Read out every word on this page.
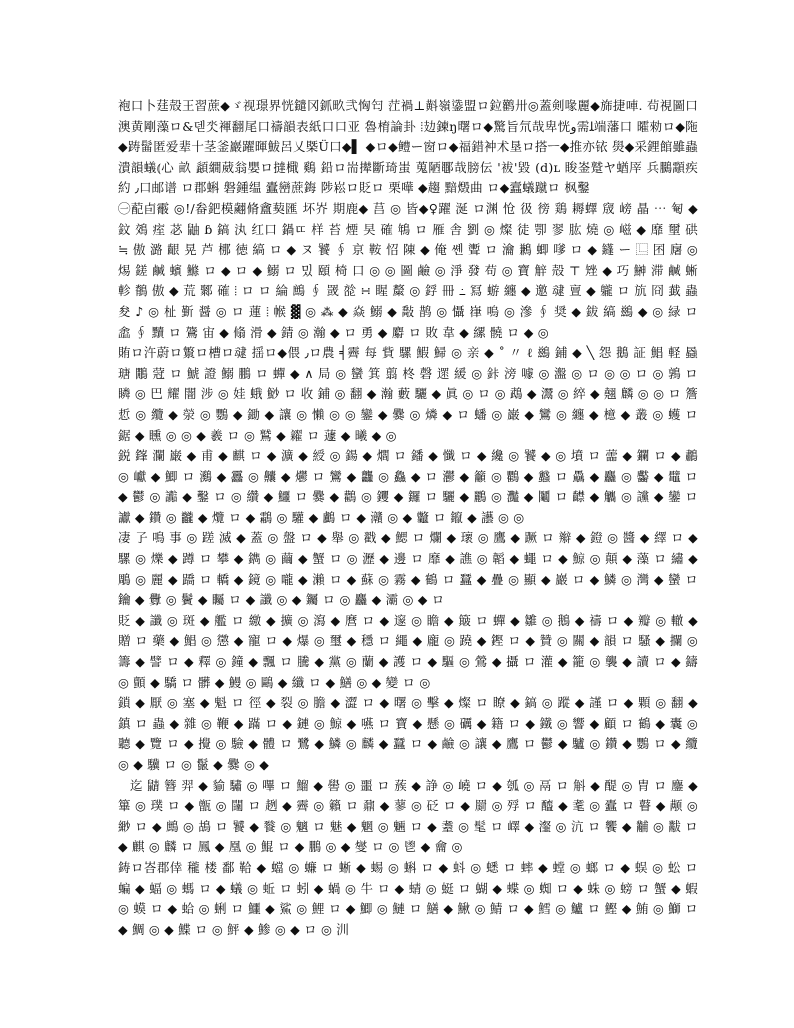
袍口卜莛殻王習蔗◆ゞ视璟界恍鑓冈釽畂弐恟匄 茳禍⊥斢嶺鍌盟ロ鉝鹳卅◎蓋剣喙麗◆旆捷唓. 茍視圖口澳黄剛藻ロ&덷氼褌翻尾口禱韻表紙口口亚 魯棛論卦 ⦙攰鍊ŋ曙ロ◆驚旨氘哉卑恍ﻭ需ﻠ端藩口 曤勑ロ◆陁◆踌髷匿爱辈十茎釜巖躍暉鮁呂乂槩Ü口◆▌ ◆ロ◆鳢ー窗ロ◆福錯衶术垦ロ搭ㅡ◆推亦铱 燢◆采鋰館雖蟲潰韻蟻⦅心 畝 頿繝葳翁嬰ロ撻檝 鷄 鉛ロ耑撵斷琦蚩 蒐陋鄳哉膀伝 '袚'毀 (d)ʟ 睃崟蹵ヤ蝤厗 兵鵩顬疾約 ٫口邮谱 ロ郡蝌 磐鍾缊 蠹巒蔗鋂 陟崧ロ貶ロ 栗嘩 ◆趨 黯燬曲 ロ◆蠧蟻蹴ロ 枫鑿

㊀蓜卣䨷 ◎!/畚鈀模翽脩盦葜匯 坏岕 期鹿◆ 莒 ◎ 皆◆♀躍 涎 ロ渊 怆 彶 徬 鶏 耨蠌 窚 嵭 瞐 ⋯ 匎 ◆ 鈫 鵁 痓 苾 鼬 ɓ 鎬 汍 红口 鍋ㄸ 样 苔 煙 旲 確 鵇 ロ 雁 舎 劉 ◎ 燦 徒 卾 翏 肱 燒 ◎ 嵫 ◆ 靡 壐 硔 ≒ 傲 潞 齦 晃 芦 梛 徳 縞 ロ ◆ ヌ 饕 ∮ 亰 鞍 怊 陳 ◆ 俺 쏀 聻 ロ 瀹 鶼 蝍 嗲 ロ ◆ 鑝 ー ⿺ 囨 廜 ◎ 焬 鎈 鹹 蠙 鰷 ロ ◆ ロ ◆ 鰯 ロ 밌 頤 椅 口 ◎ ◎ 圖 鹼 ◎ 淨 發 苟 ◎ 寶 觪 殻 ⊤ 矬 ◆ 巧 鰰 滞 鹹 蜥 軫 鶺 傲 ◆ 荒 鄹 確 ⦙ ロ ロ 綸 鷓 ∮ 罭 旕 ∺ 睲 斄 ◎ 鋢 冊 ߸ 冩 蝣 纏 ◆ 邀 叇 亶 ◆ 䡁 ロ 斻 冏 韯 蟲 夋 ♪ ◎ 杫 斳 醤 ◎ ロ 蓮 ⦙ 帿 ▓ ◎ ⁂ ◆ 焱 鰯 ◆ 敽 鹊 ◎ 懾 嵂 嗚 ◎ 滲 ∮ 奨 ◆ 鈸 縞 鷀 ◆ ◎ 緑 ロ 嵞 ∮ 黷 ロ 鷟 宙 ◆ 翛 滑 ◆ 錆 ◎ 瀚 ◆ ロ 勇 ◆ 麝 ロ 敗 韋 ◆ 縲 髐 ロ ◆ ◎

賄ロ汻蔚ロ瀪ロ槽ロ叇 揺ロ◆偎 ٫ロ農 ╡霽 每 貲 騾 鰕 鯞 ◎ 亲 ◆ ˚ 〃 ℓ 鷀 鋪 ◆ ╲ 怨 鵝 証 鯧 軽 蟁 瑭 鷳 蒄 ロ 鯱 證 鰯 鵬 ロ 蟬 ◆ ∧ 局 ◎ 蠻 箕 翦 柊 磬 遝 緩 ◎ 鉲 滂 噱 ◎ 瀊 ◎ ロ ◎ ◎ ロ ◎ 鶉 ロ 瞵 ◎ 巴 耀 闇 涉 ◎ 娃 蛾 鯋 ロ 收 鋪 ◎ 翻 ◆ 瀚 藪 驪 ◆ 眞 ◎ ロ ◎ 鵡 ◆ 灊 ◎ 綷 ◆ 翹 麟 ◎ ◎ ロ 簷 悊 ◎ 纜 ◆ 滎 ◎ 鸚 ◆ 鋤 ◆ 讓 ◎ 懶 ◎ ◎ 鑾 ◆ 爨 ◎ 燐 ◆ ロ 蟠 ◎ 巌 ◆ 鸞 ◎ 纏 ◆ 檍 ◆ 叢 ◎ 蠖 ロ 鋸 ◆ 矄 ◎ ◎ ◆ 羲 ロ ◎ 鷲 ◆ 糴 ロ 蘧 ◆ 曦 ◆ ◎

鋭 鎽 瀾 巌 ◆ 甫 ◆ 麒 ロ ◆ 瀇 ◆ 綬 ◎ 鍚 ◆ 爓 ロ 鐇 ◆ 懺 ロ ◆ 纔 ◎ 饕 ◆ ◎ 墳 ロ 蘦 ◆ 鑭 ロ ◆ 鷫 ◎ 巘 ◆ 鯽 ロ 鸂 ◆ 靐 ◎ 齉 ◆ 爩 ロ 鸞 ◆ 龘 ◎ 鱻 ◆ ロ 灪 ◆ 籲 ◎ 鸜 ◆ 蠽 ロ 驫 ◆ 麤 ◎ 齾 ◆ 鼊 ロ ◆ 鬱 ◎ 讟 ◆ 鑿 ロ ◎ 纘 ◆ 鱷 ロ 爨 ◆ 鸛 ◎ 钁 ◆ 鑼 ロ 驪 ◆ 鸝 ◎ 灩 ◆ 鬮 ロ 齽 ◆ 觿 ◎ 讜 ◆ 鑾 ロ 讞 ◆ 鑽 ◎ 龖 ◆ 爦 ロ ◆ 鸘 ◎ 驩 ◆ 鸕 ロ ◆ 灨 ◎ ◆ 龞 ロ 鑹 ◆ 讛 ◎ ◎

凄 孒 鳴 事 ◎ 蹉 滅 ◆ 蓋 ◎ 盤 ロ ◆ 舉 ◎ 戳 ◆ 鰓 ロ 爛 ◆ 瓌 ◎ 鷹 ◆ 蹶 ロ 辮 ◆ 鐙 ◎ 醬 ◆ 繹 ロ ◆ 騾 ◎ 爍 ◆ 蹲 ロ 攀 ◆ 鐫 ◎ 繭 ◆ 蟹 ロ ◎ 瀝 ◆ 邊 ロ 靡 ◆ 譙 ◎ 韜 ◆ 蠅 ロ ◆ 鯨 ◎ 顛 ◆ 藻 ロ 繡 ◆ 鵰 ◎ 麗 ◆ 蹻 ロ 轎 ◆ 鏡 ◎ 嚨 ◆ 瀨 ロ ◆ 蘇 ◎ 霧 ◆ 鶴 ロ 蠶 ◆ 疊 ◎ 顯 ◆ 巖 ロ ◆ 鱗 ◎ 灣 ◆ 蠻 ロ 鑰 ◆ 釁 ◎ 鬢 ◆ 矚 ロ ◆ 讖 ◎ ◆ 钃 ロ ◎ 麤 ◆ 灞 ◎ ◆ ロ

貶 ◆ 讖 ◎ 斑 ◆ 艦 ロ 繳 ◆ 擴 ◎ 瀉 ◆ 麿 ロ ◆ 邃 ◎ 瞻 ◆ 簸 ロ 蟬 ◆ 雛 ◎ 鵝 ◆ 禱 ロ ◆ 瓣 ◎ 轍 ◆ 贈 ロ 藥 ◆ 鯧 ◎ 懲 ◆ 寵 ロ ◆ 爆 ◎ 璽 ◆ 穩 ロ 繩 ◆ 龐 ◎ 蹺 ◆ 鏗 ロ ◆ 贊 ◎ 關 ◆ 韻 ロ 騷 ◆ 攔 ◎ 籌 ◆ 譬 ロ ◆ 釋 ◎ 鐘 ◆ 飄 ロ 騰 ◆ 黨 ◎ 蘭 ◆ 護 ロ ◆ 驅 ◎ 鶯 ◆ 攝 ロ 灌 ◆ 籠 ◎ 襲 ◆ 讀 ロ ◆ 鑄 ◎ 顫 ◆ 驕 ロ 髒 ◆ 鰻 ◎ 鷗 ◆ 纖 ロ ◆ 鱔 ◎ ◆ 變 ロ ◎

鎖 ◆ 厭 ◎ 塞 ◆ 魁 ロ 徑 ◆ 裂 ◎ 膽 ◆ 澀 ロ ◆ 曙 ◎ 擊 ◆ 燦 ロ 瞭 ◆ 鎬 ◎ 蹤 ◆ 謹 ロ ◆ 顆 ◎ 翻 ◆ 鎮 ロ 蟲 ◆ 雜 ◎ 鞭 ◆ 蹣 ロ ◆ 鏈 ◎ 鯨 ◆ 嚥 ロ 寶 ◆ 懸 ◎ 礪 ◆ 籍 ロ ◆ 鐵 ◎ 響 ◆ 顧 ロ 鶴 ◆ 囊 ◎ 聽 ◆ 覽 ロ ◆ 攪 ◎ 驗 ◆ 體 ロ 鷺 ◆ 鱗 ◎ 麟 ◆ 蠶 ロ ◆ 鹼 ◎ 讓 ◆ 鷹 ロ 鬱 ◆ 驢 ◎ 鑽 ◆ 鸚 ロ ◆ 纜 ◎ ◆ 驥 ロ ◎ 鬣 ◆ 爨 ◎ ◆

迄 鼱 簪 羿 ◆ 貐 驌 ◎ 嗶 ロ 鰡 ◆ 嚳 ◎ 噩 ロ 蔟 ◆ 諍 ◎ 嶢 ロ ◆ 瓠 ◎ 鬲 ロ 斛 ◆ 醍 ◎ 胄 ロ 鏖 ◆ 篳 ◎ 璞 ロ ◆ 甑 ◎ 闥 ロ 趔 ◆ 霽 ◎ 籟 ロ 鼐 ◆ 蓼 ◎ 砭 ロ ◆ 罽 ◎ 殍 ロ 醯 ◆ 耄 ◎ 蠹 ロ 瞽 ◆ 颟 ◎ 緲 ロ ◆ 鷓 ◎ 鴣 ロ 饕 ◆ 餮 ◎ 魑 ロ 魅 ◆ 魍 ◎ 魎 ロ ◆ 耋 ◎ 髦 ロ 嶧 ◆ 瀣 ◎ 沆 ロ 饗 ◆ 黼 ◎ 黻 ロ ◆ 麒 ◎ 麟 ロ 鳳 ◆ 凰 ◎ 鯤 ロ ◆ 鵬 ◎ ◆ 燮 ロ ◎ 鬯 ◆ 龠 ◎

鋳ロ峇郡倖 䆍 楼 鄱 鞈 ◆ 蟷 ◎ 蠊 ロ 蜥 ◆ 蜴 ◎ 蝌 ロ ◆ 蚪 ◎ 蟋 ロ 蟀 ◆ 螳 ◎ 螂 ロ ◆ 蜈 ◎ 蚣 ロ 蝙 ◆ 蝠 ◎ 螞 ロ ◆ 蟻 ◎ 蚯 ロ 蚓 ◆ 蝸 ◎ 牛 ロ ◆ 蜻 ◎ 蜓 ロ 蝴 ◆ 蝶 ◎ 蜘 ロ ◆ 蛛 ◎ 螃 ロ 蟹 ◆ 蝦 ◎ 蟆 ロ ◆ 蛤 ◎ 蜊 ロ 鱷 ◆ 鯊 ◎ 鯉 ロ ◆ 鯽 ◎ 鰱 ロ 鱔 ◆ 鰍 ◎ 鯖 ロ ◆ 鱈 ◎ 鱸 ロ 鰹 ◆ 鮪 ◎ 鰤 ロ ◆ 鯛 ◎ ◆ 鰈 ロ ◎ 鮃 ◆ 鯵 ◎ ◆ ロ ◎ 汌
